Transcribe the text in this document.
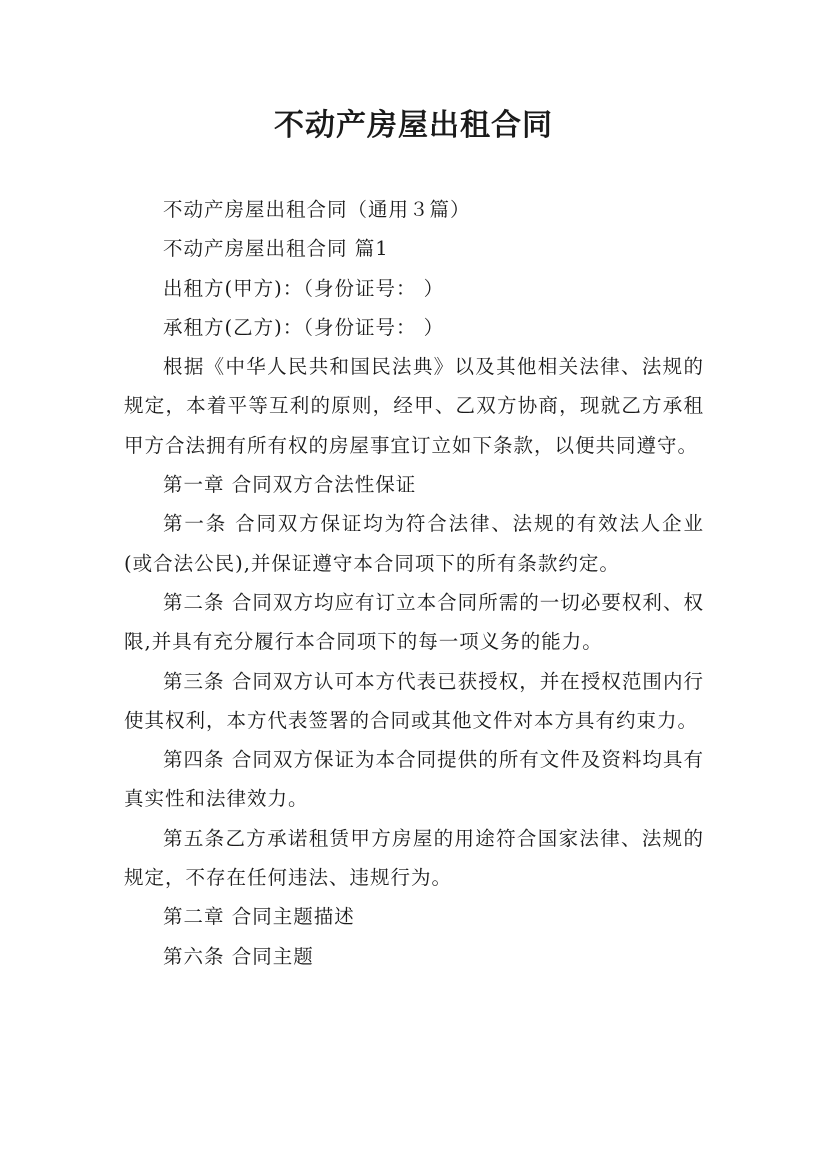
不动产房屋出租合同

不动产房屋出租合同（通用３篇）

不动产房屋出租合同 篇1

出租方(甲方)：（身份证号： ）

承租方(乙方)：（身份证号： ）

根据《中华人民共和国民法典》以及其他相关法律、法规的规定，本着平等互利的原则，经甲、乙双方协商，现就乙方承租甲方合法拥有所有权的房屋事宜订立如下条款，以便共同遵守。

第一章 合同双方合法性保证

第一条 合同双方保证均为符合法律、法规的有效法人企业(或合法公民),并保证遵守本合同项下的所有条款约定。

第二条 合同双方均应有订立本合同所需的一切必要权利、权限,并具有充分履行本合同项下的每一项义务的能力。

第三条 合同双方认可本方代表已获授权，并在授权范围内行使其权利，本方代表签署的合同或其他文件对本方具有约束力。

第四条 合同双方保证为本合同提供的所有文件及资料均具有真实性和法律效力。

第五条乙方承诺租赁甲方房屋的用途符合国家法律、法规的规定，不存在任何违法、违规行为。

第二章 合同主题描述

第六条 合同主题
